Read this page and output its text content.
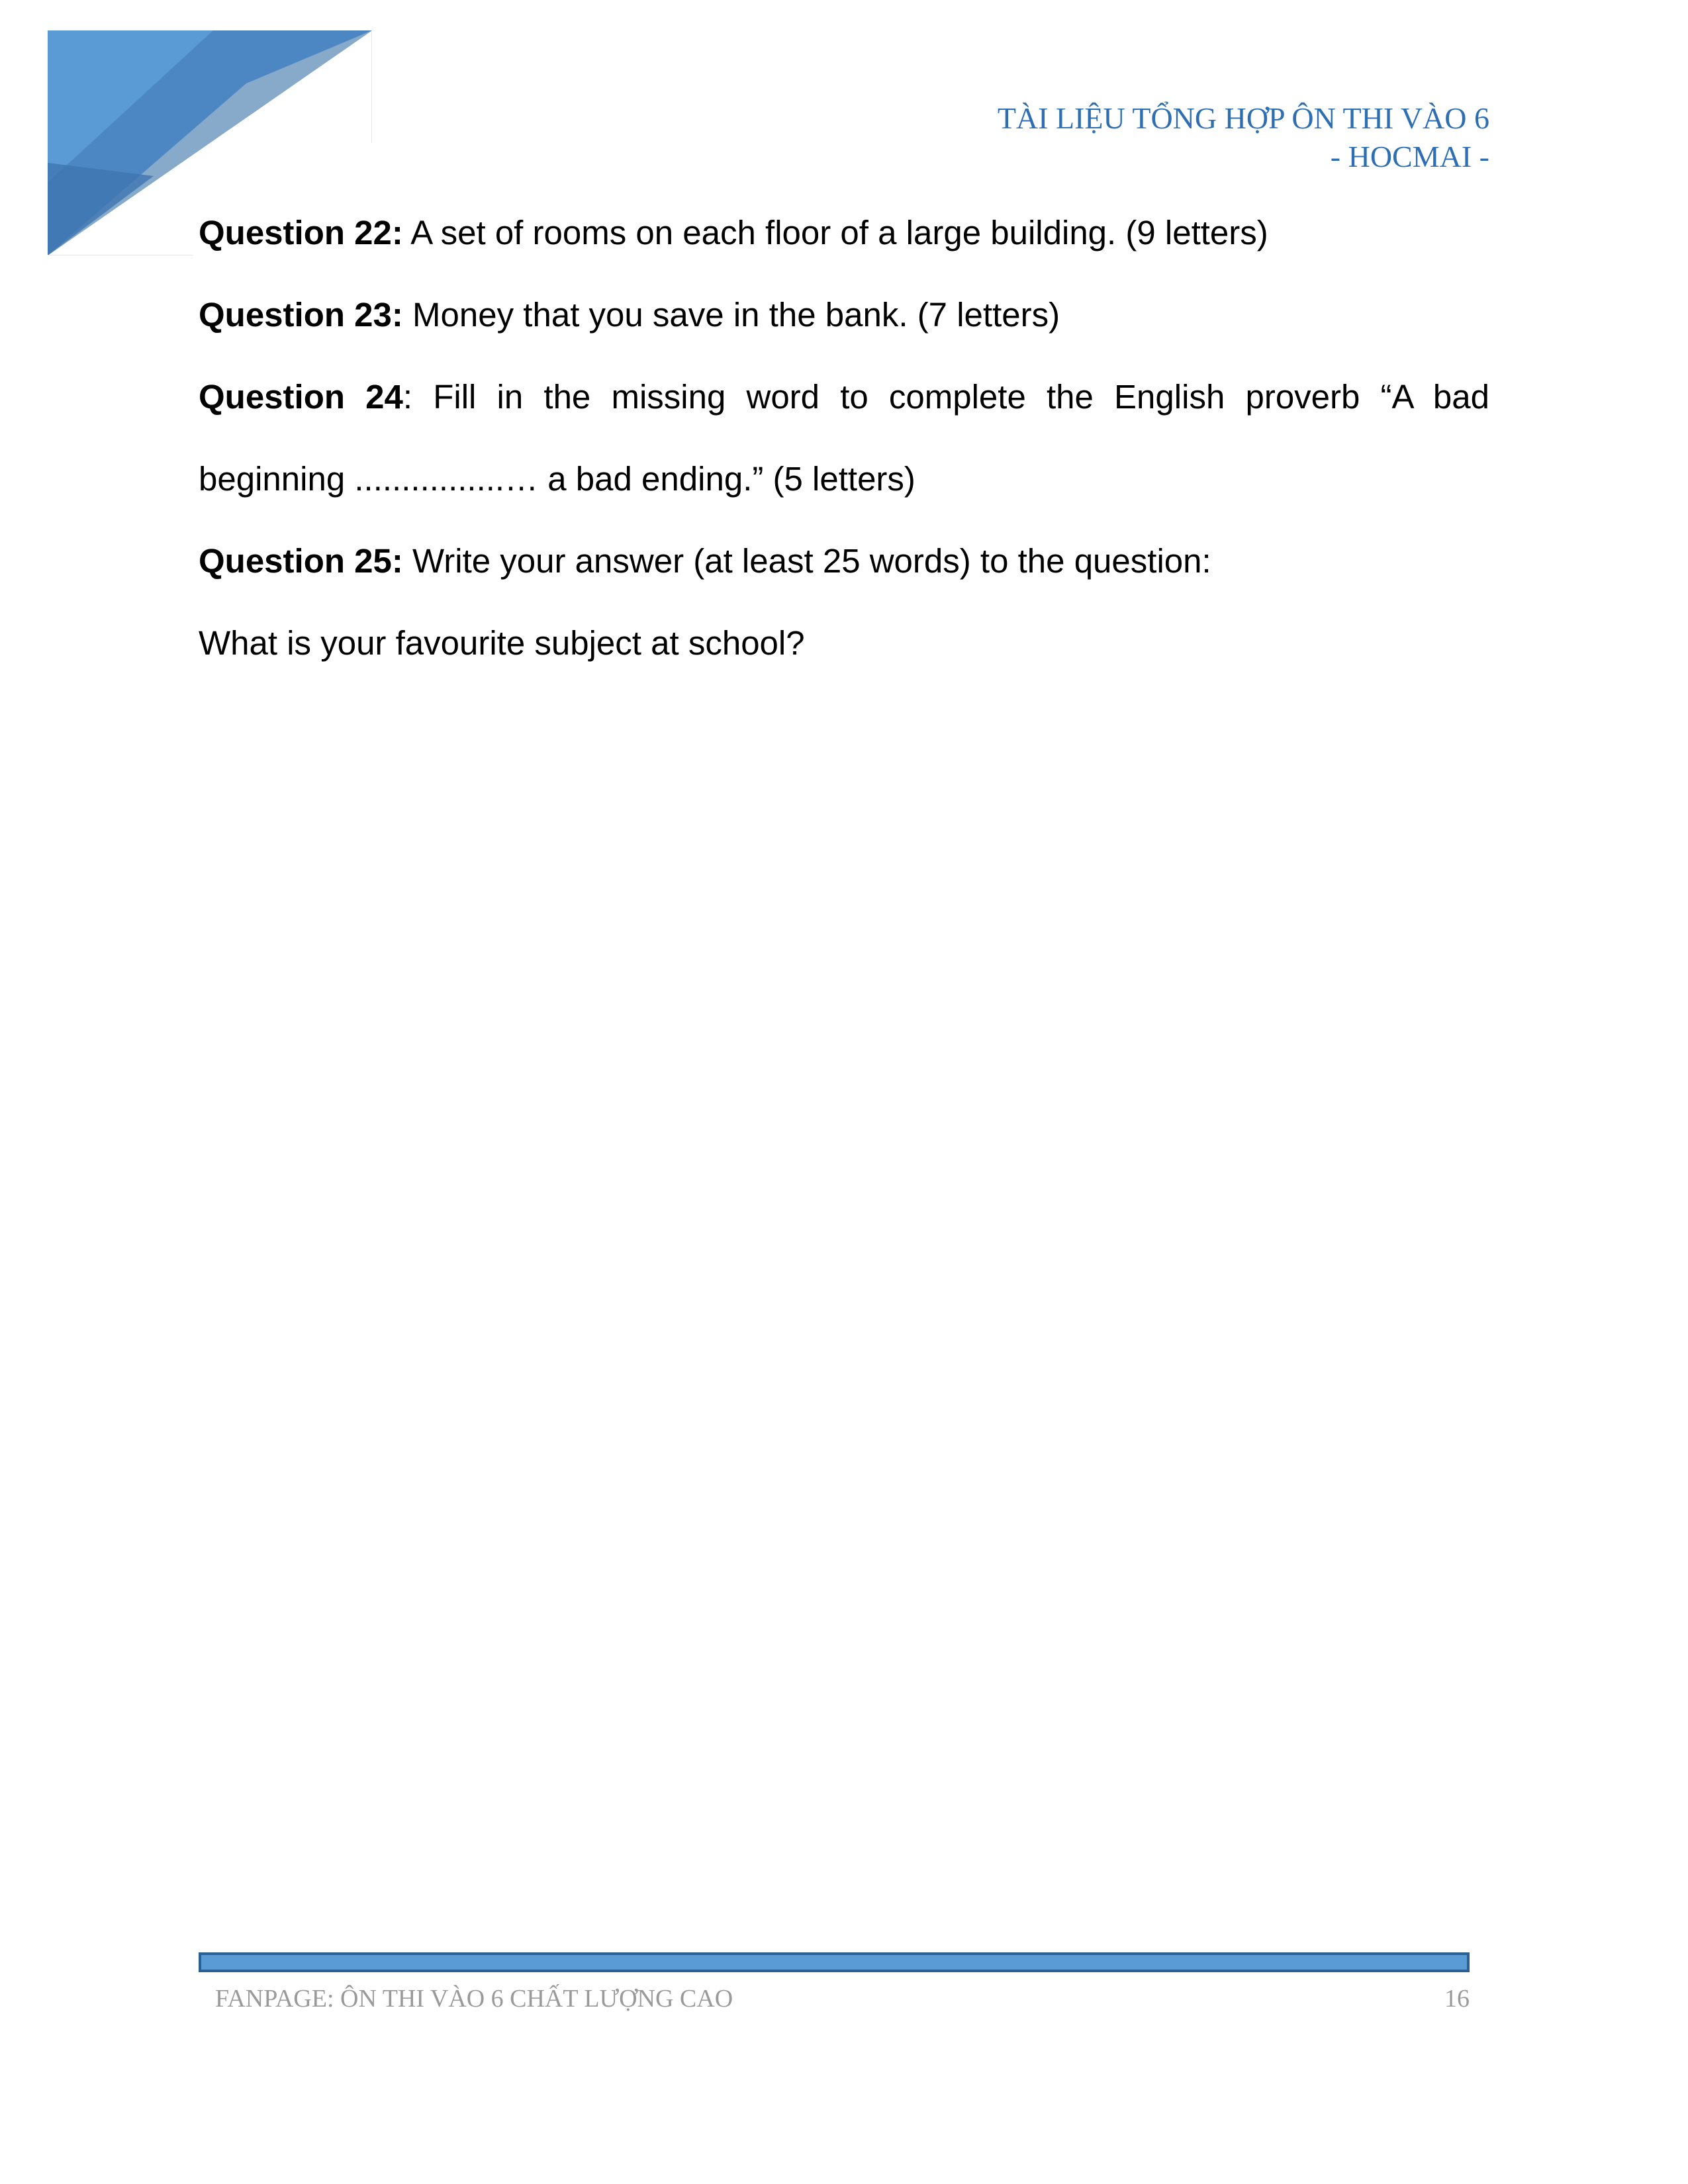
TÀI LIỆU TỔNG HỢP ÔN THI VÀO 6
- HOCMAI -

Question 22: A set of rooms on each floor of a large building. (9 letters)

Question 23: Money that you save in the bank. (7 letters)

Question 24: Fill in the missing word to complete the English proverb “A bad

beginning ................… a bad ending.” (5 letters)

Question 25: Write your answer (at least 25 words) to the question:

What is your favourite subject at school?

FANPAGE: ÔN THI VÀO 6 CHẤT LƯỢNG CAO	16
